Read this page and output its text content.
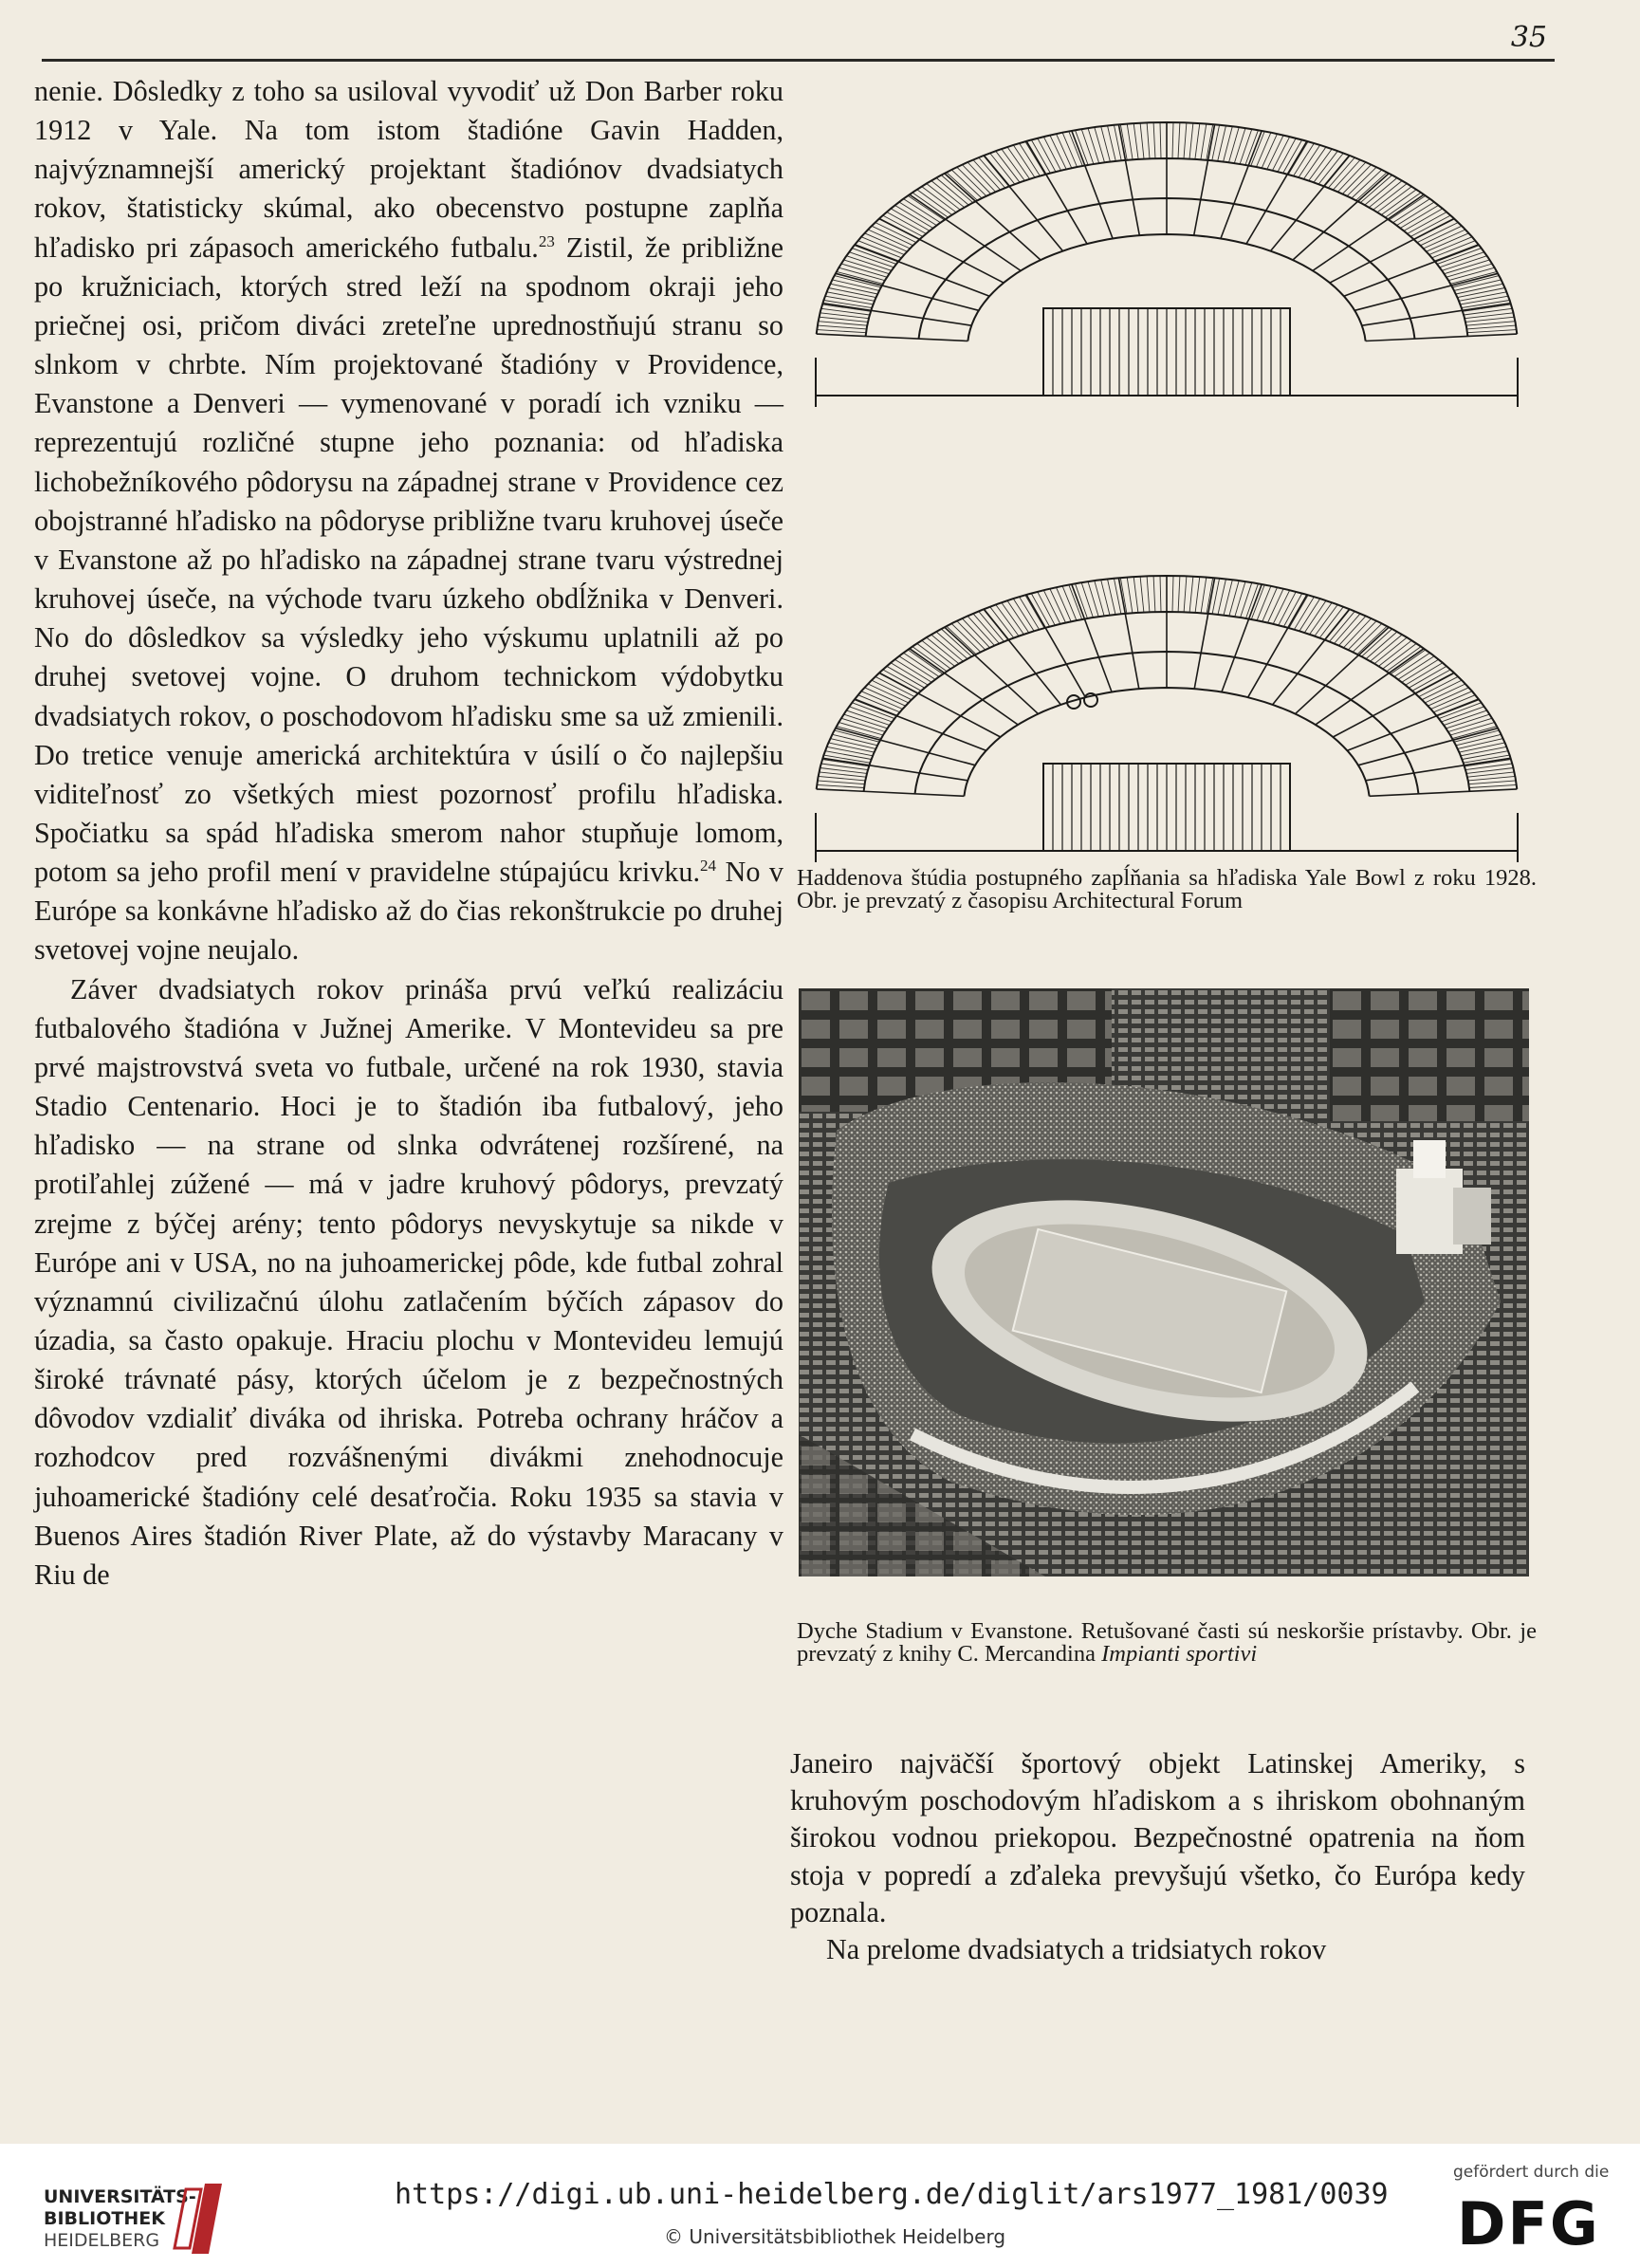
35

nenie. Dôsledky z toho sa usiloval vyvodiť už Don Barber roku 1912 v Yale. Na tom istom štadióne Gavin Hadden, najvýznamnejší americký projektant štadiónov dvadsiatych rokov, štatisticky skúmal, ako obecenstvo postupne zaplňa hľadisko pri zápasoch amerického futbalu.$^{23}$ Zistil, že približne po kružniciach, ktorých stred leží na spodnom okraji jeho priečnej osi, pričom diváci zreteľne uprednostňujú stranu so slnkom v chrbte. Ním projektované štadióny v Providence, Evanstone a Denveri — vymenované v poradí ich vzniku — reprezentujú rozličné stupne jeho poznania: od hľadiska lichobežníkového pôdorysu na západnej strane v Providence cez obojstranné hľadisko na pôdoryse približne tvaru kruhovej úseče v Evanstone až po hľadisko na západnej strane tvaru výstrednej kruhovej úseče, na východe tvaru úzkeho obdĺžnika v Denveri. No do dôsledkov sa výsledky jeho výskumu uplatnili až po druhej svetovej vojne. O druhom technickom výdobytku dvadsiatych rokov, o poschodovom hľadisku sme sa už zmienili. Do tretice venuje americká architektúra v úsilí o čo najlepšiu viditeľnosť zo všetkých miest pozornosť profilu hľadiska. Spočiatku sa spád hľadiska smerom nahor stupňuje lomom, potom sa jeho profil mení v pravidelne stúpajúcu krivku.$^{24}$ No v Európe sa konkávne hľadisko až do čias rekonštrukcie po druhej svetovej vojne neujalo.

Záver dvadsiatych rokov prináša prvú veľkú realizáciu futbalového štadióna v Južnej Amerike. V Montevideu sa pre prvé majstrovstvá sveta vo futbale, určené na rok 1930, stavia Stadio Centenario. Hoci je to štadión iba futbalový, jeho hľadisko — na strane od slnka odvrátenej rozšírené, na protiľahlej zúžené — má v jadre kruhový pôdorys, prevzatý zrejme z býčej arény; tento pôdorys nevyskytuje sa nikde v Európe ani v USA, no na juhoamerickej pôde, kde futbal zohral významnú civilizačnú úlohu zatlačením býčích zápasov do úzadia, sa často opakuje. Hraciu plochu v Montevideu lemujú široké trávnaté pásy, ktorých účelom je z bezpečnostných dôvodov vzdialiť diváka od ihriska. Potreba ochrany hráčov a rozhodcov pred rozvášnenými divákmi znehodnocuje juhoamerické štadióny celé desaťročia. Roku 1935 sa stavia v Buenos Aires štadión River Plate, až do výstavby Maracany v Riu de

Haddenova štúdia postupného zapĺňania sa hľadiska Yale Bowl z roku 1928. Obr. je prevzatý z časopisu Architectural Forum
Dyche Stadium v Evanstone. Retušované časti sú neskoršie prístavby. Obr. je prevzatý z knihy C. Mercandina Impianti sportivi

Janeiro najväčší športový objekt Latinskej Ameriky, s kruhovým poschodovým hľadiskom a s ihriskom obohnaným širokou vodnou priekopou. Bezpečnostné opatrenia na ňom stoja v popredí a zďaleka prevyšujú všetko, čo Európa kedy poznala.

Na prelome dvadsiatych a tridsiatych rokov

UNIVERSITÄTS-
BIBLIOTHEK
HEIDELBERG
https://digi.ub.uni-heidelberg.de/diglit/ars1977_1981/0039
© Universitätsbibliothek Heidelberg
gefördert durch die
DFG
